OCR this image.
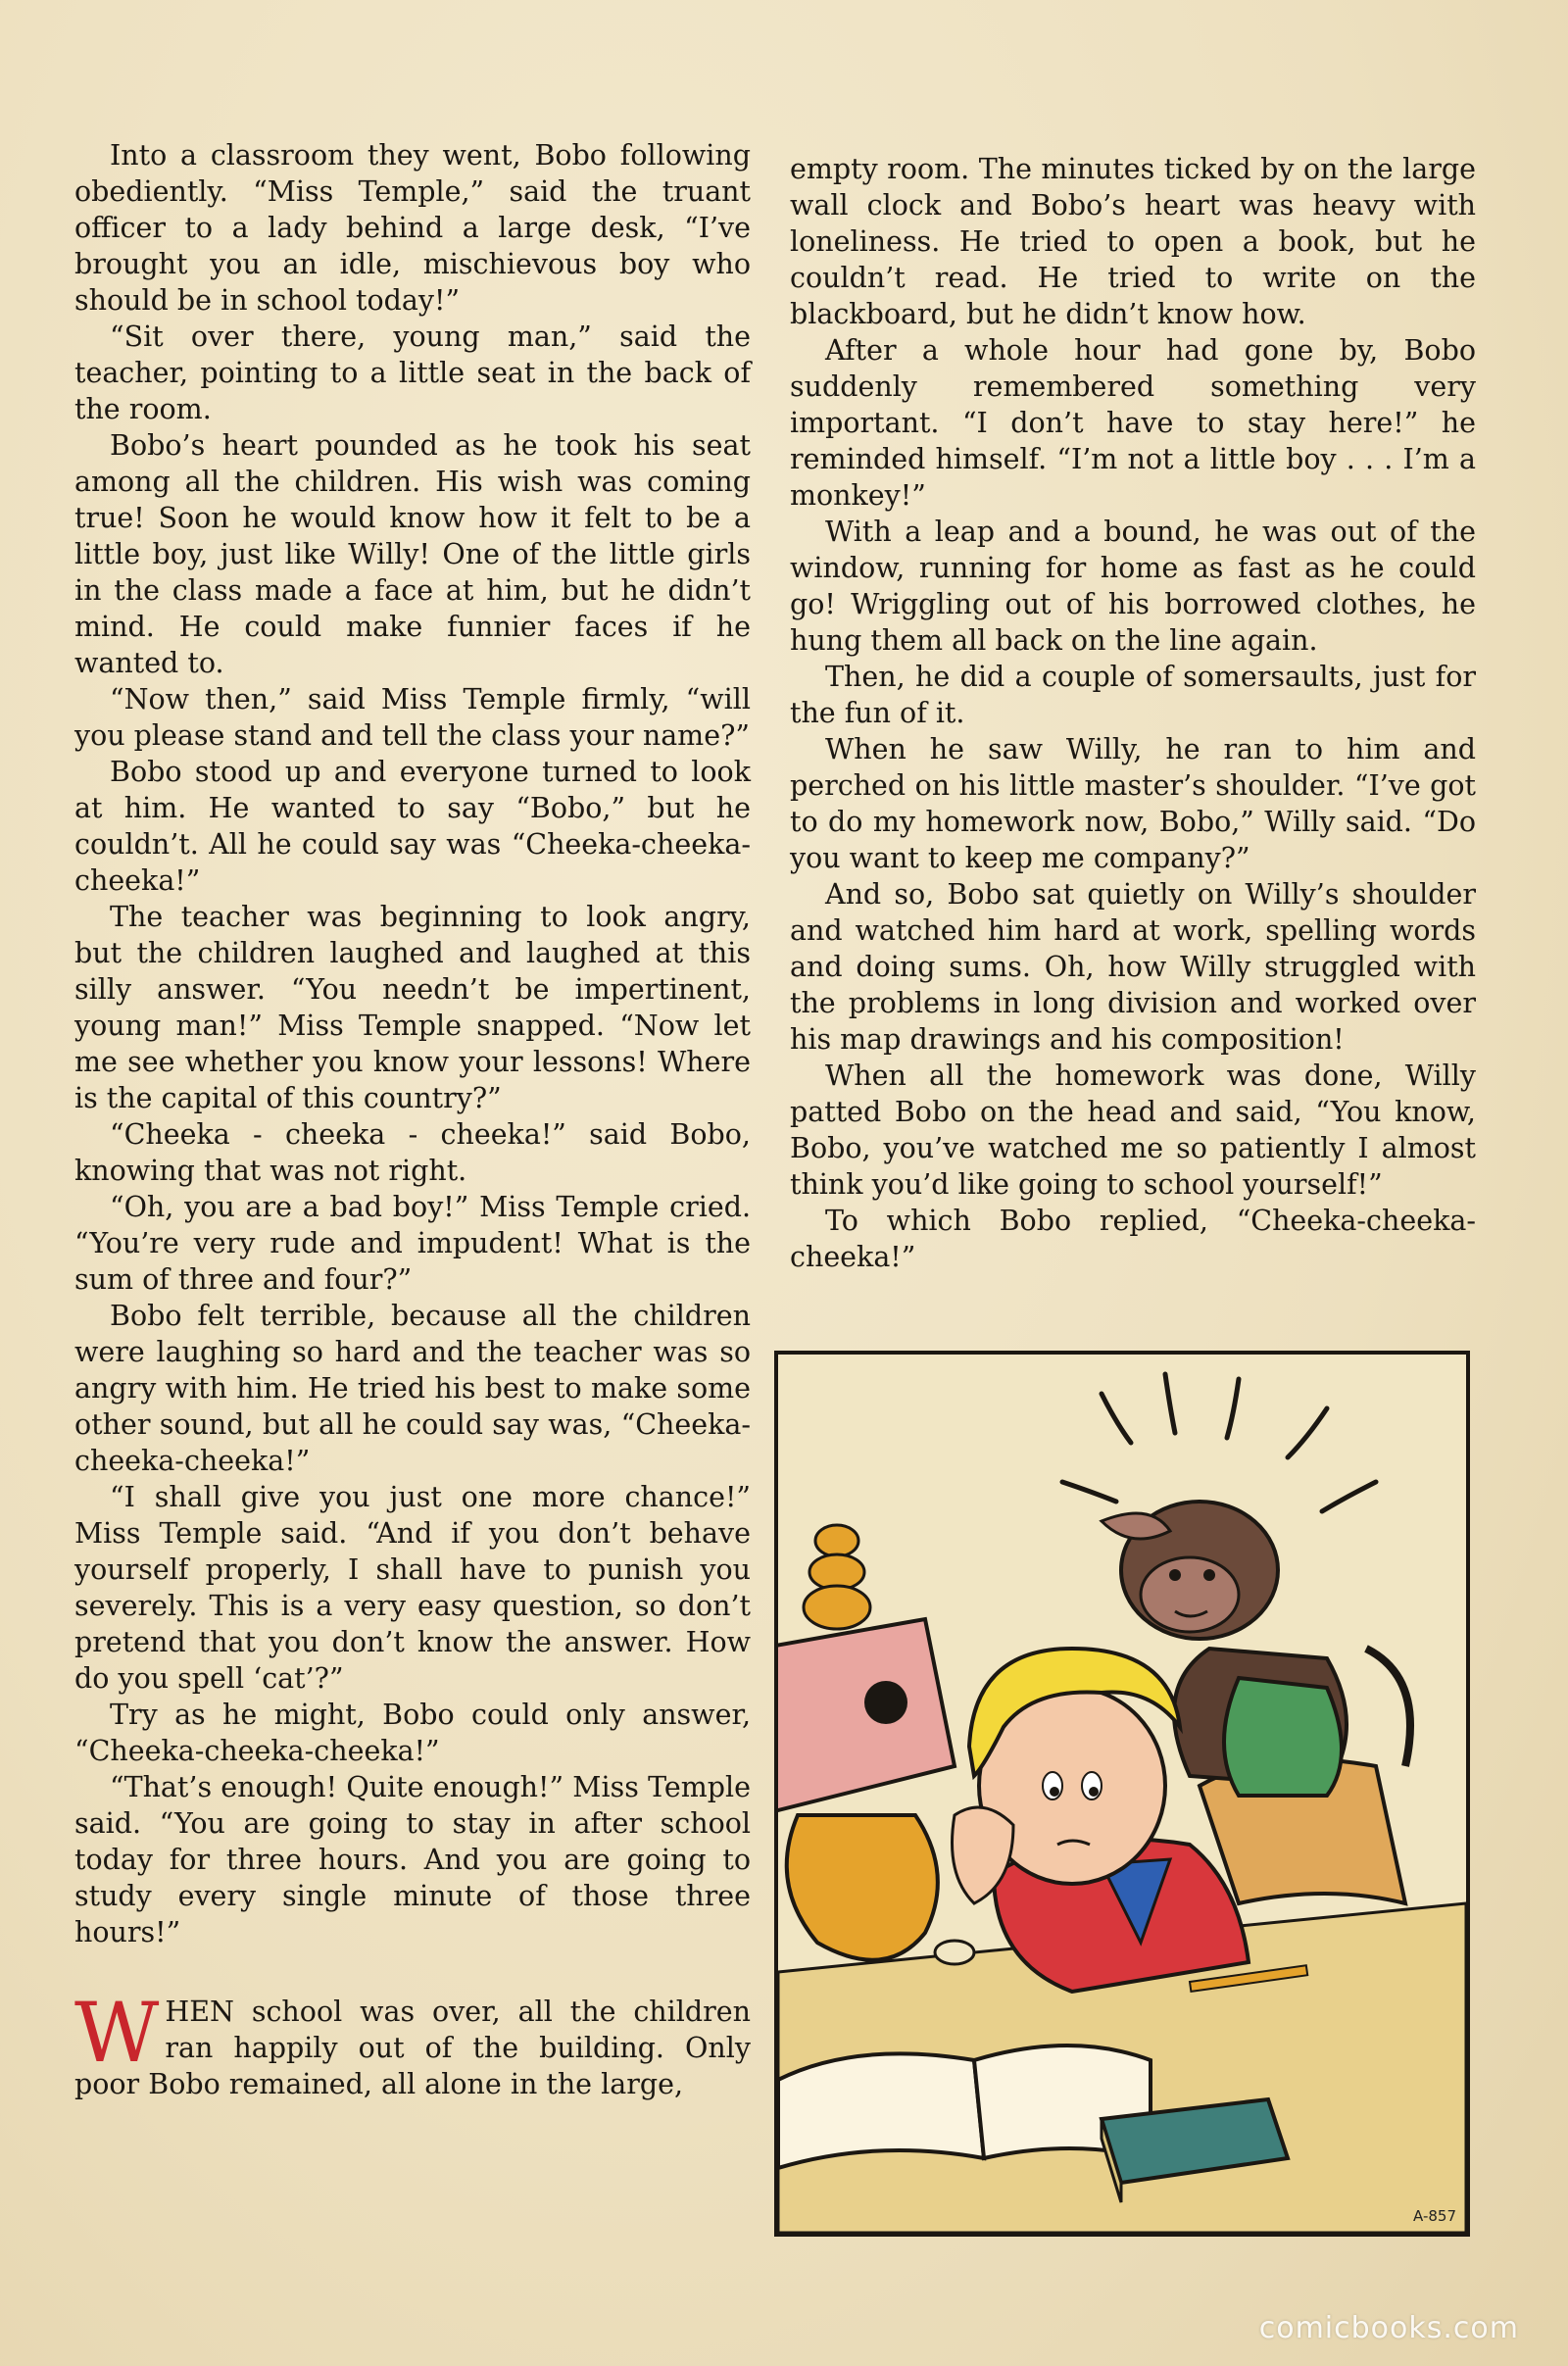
Into a classroom they went, Bobo following obediently. “Miss Temple,” said the truant officer to a lady behind a large desk, “I’ve brought you an idle, mischievous boy who should be in school today!”

“Sit over there, young man,” said the teacher, pointing to a little seat in the back of the room.

Bobo’s heart pounded as he took his seat among all the children. His wish was coming true! Soon he would know how it felt to be a little boy, just like Willy! One of the little girls in the class made a face at him, but he didn’t mind. He could make funnier faces if he wanted to.

“Now then,” said Miss Temple firmly, “will you please stand and tell the class your name?”

Bobo stood up and everyone turned to look at him. He wanted to say “Bobo,” but he couldn’t. All he could say was “Cheeka-cheeka-cheeka!”

The teacher was beginning to look angry, but the children laughed and laughed at this silly answer. “You needn’t be impertinent, young man!” Miss Temple snapped. “Now let me see whether you know your lessons! Where is the capital of this country?”

“Cheeka - cheeka - cheeka!” said Bobo, knowing that was not right.

“Oh, you are a bad boy!” Miss Temple cried. “You’re very rude and impudent! What is the sum of three and four?”

Bobo felt terrible, because all the children were laughing so hard and the teacher was so angry with him. He tried his best to make some other sound, but all he could say was, “Cheeka-cheeka-cheeka!”

“I shall give you just one more chance!” Miss Temple said. “And if you don’t behave yourself properly, I shall have to punish you severely. This is a very easy question, so don’t pretend that you don’t know the answer. How do you spell ‘cat’?”

Try as he might, Bobo could only answer, “Cheeka-cheeka-cheeka!”

“That’s enough! Quite enough!” Miss Temple said. “You are going to stay in after school today for three hours. And you are going to study every single minute of those three hours!”

WHEN school was over, all the children ran happily out of the building. Only poor Bobo remained, all alone in the large,

empty room. The minutes ticked by on the large wall clock and Bobo’s heart was heavy with loneliness. He tried to open a book, but he couldn’t read. He tried to write on the blackboard, but he didn’t know how.

After a whole hour had gone by, Bobo suddenly remembered something very important. “I don’t have to stay here!” he reminded himself. “I’m not a little boy . . . I’m a monkey!”

With a leap and a bound, he was out of the window, running for home as fast as he could go! Wriggling out of his borrowed clothes, he hung them all back on the line again.

Then, he did a couple of somersaults, just for the fun of it.

When he saw Willy, he ran to him and perched on his little master’s shoulder. “I’ve got to do my homework now, Bobo,” Willy said. “Do you want to keep me company?”

And so, Bobo sat quietly on Willy’s shoulder and watched him hard at work, spelling words and doing sums. Oh, how Willy struggled with the problems in long division and worked over his map drawings and his composition!

When all the homework was done, Willy patted Bobo on the head and said, “You know, Bobo, you’ve watched me so patiently I almost think you’d like going to school yourself!”

To which Bobo replied, “Cheeka-cheeka-cheeka!”

A-857
comicbooks.com
